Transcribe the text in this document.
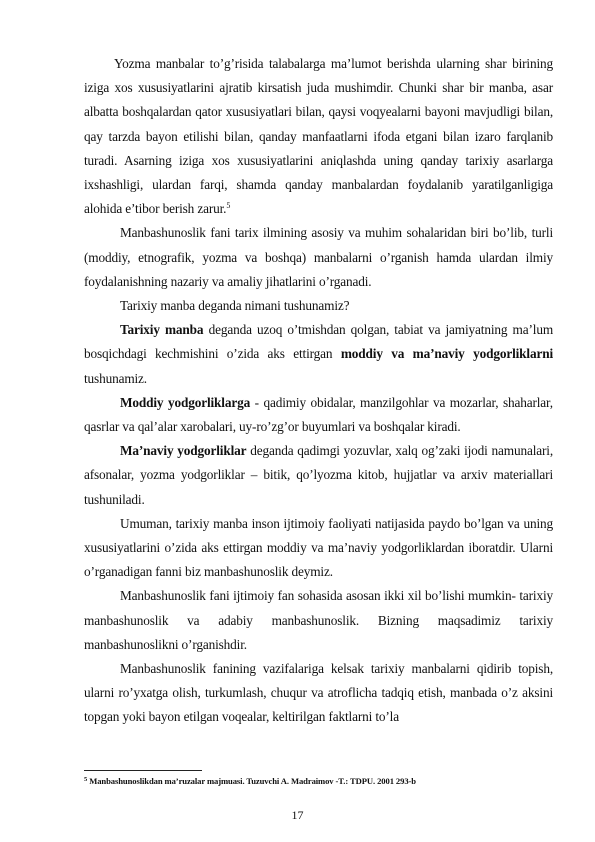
Yozma manbalar to’g’risida talabalarga ma’lumot berishda ularning shar birining iziga xos xususiyatlarini ajratib kirsatish juda mushimdir. Chunki shar bir manba, asar albatta boshqalardan qator xususiyatlari bilan, qaysi voqyealarni bayoni mavjudligi bilan, qay tarzda bayon etilishi bilan, qanday manfaatlarni ifoda etgani bilan izaro farqlanib turadi. Asarning iziga xos xususiyatlarini aniqlashda uning qanday tarixiy asarlarga ixshashligi, ulardan farqi, shamda qanday manbalardan foydalanib yaratilganligiga alohida e’tibor berish zarur.$^5$

Manbashunoslik fani tarix ilmining asosiy va muhim sohalaridan biri bo’lib, turli (moddiy, etnografik, yozma va boshqa) manbalarni o’rganish hamda ulardan ilmiy foydalanishning nazariy va amaliy jihatlarini o’rganadi.

Tarixiy manba deganda nimani tushunamiz?

Tarixiy manba deganda uzoq o’tmishdan qolgan, tabiat va jamiyatning ma’lum bosqichdagi kechmishini o’zida aks ettirgan moddiy va ma’naviy yodgorliklarni tushunamiz.

Moddiy yodgorliklarga - qadimiy obidalar, manzilgohlar va mozarlar, shaharlar, qasrlar va qal’alar xarobalari, uy-ro’zg’or buyumlari va boshqalar kiradi.

Ma’naviy yodgorliklar deganda qadimgi yozuvlar, xalq og’zaki ijodi namunalari, afsonalar, yozma yodgorliklar – bitik, qo’lyozma kitob, hujjatlar va arxiv materiallari tushuniladi.

Umuman, tarixiy manba inson ijtimoiy faoliyati natijasida paydo bo’lgan va uning xususiyatlarini o’zida aks ettirgan moddiy va ma’naviy yodgorliklardan iboratdir. Ularni o’rganadigan fanni biz manbashunoslik deymiz.

Manbashunoslik fani ijtimoiy fan sohasida asosan ikki xil bo’lishi mumkin- tarixiy manbashunoslik va adabiy manbashunoslik. Bizning maqsadimiz tarixiy manbashunoslikni o’rganishdir.

Manbashunoslik fanining vazifalariga kelsak tarixiy manbalarni qidirib topish, ularni ro’yxatga olish, turkumlash, chuqur va atroflicha tadqiq etish, manbada o’z aksini topgan yoki bayon etilgan voqealar, keltirilgan faktlarni to’la

$^5$ Manbashunoslikdan ma’ruzalar majmuasi. Tuzuvchi A. Madraimov -T.: TDPU. 2001 293-b
17
